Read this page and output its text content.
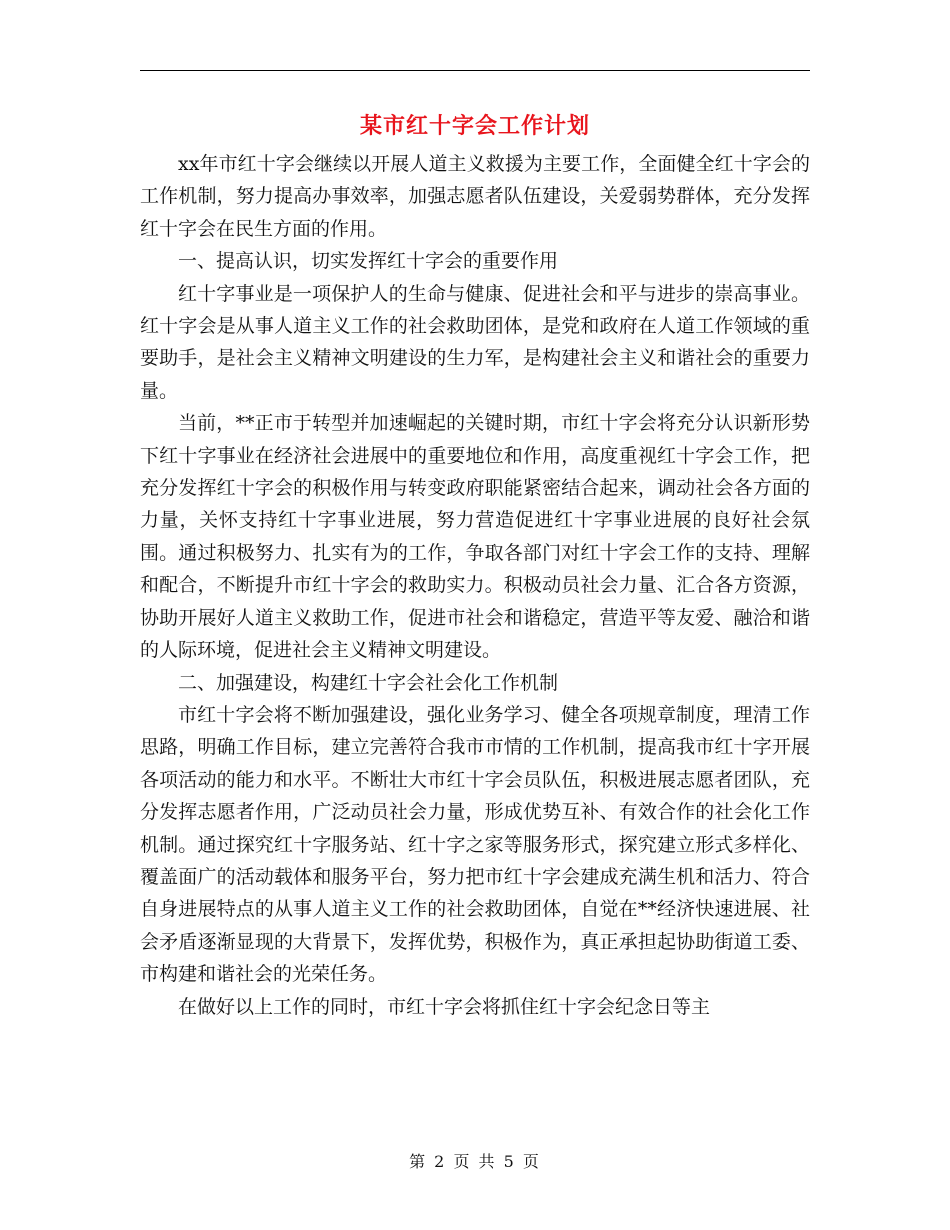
某市红十字会工作计划

xx年市红十字会继续以开展人道主义救援为主要工作，全面健全红十字会的工作机制，努力提高办事效率，加强志愿者队伍建设，关爱弱势群体，充分发挥红十字会在民生方面的作用。

一、提高认识，切实发挥红十字会的重要作用

红十字事业是一项保护人的生命与健康、促进社会和平与进步的崇高事业。红十字会是从事人道主义工作的社会救助团体，是党和政府在人道工作领域的重要助手，是社会主义精神文明建设的生力军，是构建社会主义和谐社会的重要力量。

当前，**正市于转型并加速崛起的关键时期，市红十字会将充分认识新形势下红十字事业在经济社会进展中的重要地位和作用，高度重视红十字会工作，把充分发挥红十字会的积极作用与转变政府职能紧密结合起来，调动社会各方面的力量，关怀支持红十字事业进展，努力营造促进红十字事业进展的良好社会氛围。通过积极努力、扎实有为的工作，争取各部门对红十字会工作的支持、理解和配合，不断提升市红十字会的救助实力。积极动员社会力量、汇合各方资源，协助开展好人道主义救助工作，促进市社会和谐稳定，营造平等友爱、融洽和谐的人际环境，促进社会主义精神文明建设。

二、加强建设，构建红十字会社会化工作机制

市红十字会将不断加强建设，强化业务学习、健全各项规章制度，理清工作思路，明确工作目标，建立完善符合我市市情的工作机制，提高我市红十字开展各项活动的能力和水平。不断壮大市红十字会员队伍，积极进展志愿者团队，充分发挥志愿者作用，广泛动员社会力量，形成优势互补、有效合作的社会化工作机制。通过探究红十字服务站、红十字之家等服务形式，探究建立形式多样化、覆盖面广的活动载体和服务平台，努力把市红十字会建成充满生机和活力、符合自身进展特点的从事人道主义工作的社会救助团体，自觉在**经济快速进展、社会矛盾逐渐显现的大背景下，发挥优势，积极作为，真正承担起协助街道工委、市构建和谐社会的光荣任务。

在做好以上工作的同时，市红十字会将抓住红十字会纪念日等主

第 2 页 共 5 页
